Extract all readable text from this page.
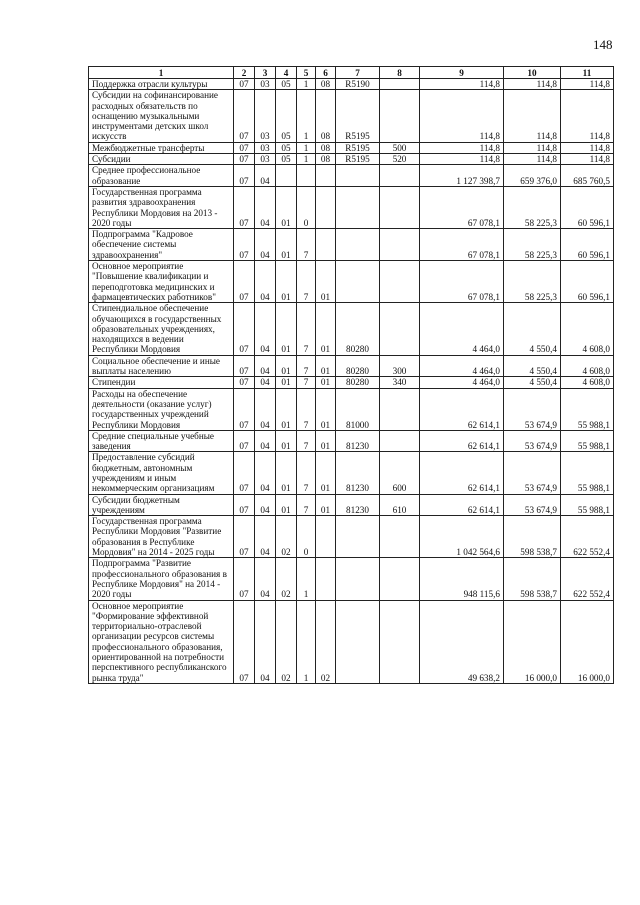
148
1	2	3	4	5	6	7	8	9	10	11
Поддержка отрасли культуры	07	03	05	1	08	R5190		114,8	114,8	114,8
Субсидии на софинансирование расходных обязательств по оснащению музыкальными инструментами детских школ искусств	07	03	05	1	08	R5195		114,8	114,8	114,8
Межбюджетные трансферты	07	03	05	1	08	R5195	500	114,8	114,8	114,8
Субсидии	07	03	05	1	08	R5195	520	114,8	114,8	114,8
Среднее профессиональное образование	07	04						1 127 398,7	659 376,0	685 760,5
Государственная программа развития здравоохранения Республики Мордовия на 2013 - 2020 годы	07	04	01	0				67 078,1	58 225,3	60 596,1
Подпрограмма "Кадровое обеспечение системы здравоохранения"	07	04	01	7				67 078,1	58 225,3	60 596,1
Основное мероприятие "Повышение квалификации и переподготовка медицинских и фармацевтических работников"	07	04	01	7	01			67 078,1	58 225,3	60 596,1
Стипендиальное обеспечение обучающихся в государственных образовательных учреждениях, находящихся в ведении Республики Мордовия	07	04	01	7	01	80280		4 464,0	4 550,4	4 608,0
Социальное обеспечение и иные выплаты населению	07	04	01	7	01	80280	300	4 464,0	4 550,4	4 608,0
Стипендии	07	04	01	7	01	80280	340	4 464,0	4 550,4	4 608,0
Расходы на обеспечение деятельности (оказание услуг) государственных учреждений Республики Мордовия	07	04	01	7	01	81000		62 614,1	53 674,9	55 988,1
Средние специальные учебные заведения	07	04	01	7	01	81230		62 614,1	53 674,9	55 988,1
Предоставление субсидий бюджетным, автономным учреждениям и иным некоммерческим организациям	07	04	01	7	01	81230	600	62 614,1	53 674,9	55 988,1
Субсидии бюджетным учреждениям	07	04	01	7	01	81230	610	62 614,1	53 674,9	55 988,1
Государственная программа Республики Мордовия "Развитие образования в Республике Мордовия" на 2014 - 2025 годы	07	04	02	0				1 042 564,6	598 538,7	622 552,4
Подпрограмма "Развитие профессионального образования в Республике Мордовия" на 2014 - 2020 годы	07	04	02	1				948 115,6	598 538,7	622 552,4
Основное мероприятие "Формирование эффективной территориально-отраслевой организации ресурсов системы профессионального образования, ориентированной на потребности перспективного республиканского рынка труда"	07	04	02	1	02			49 638,2	16 000,0	16 000,0
